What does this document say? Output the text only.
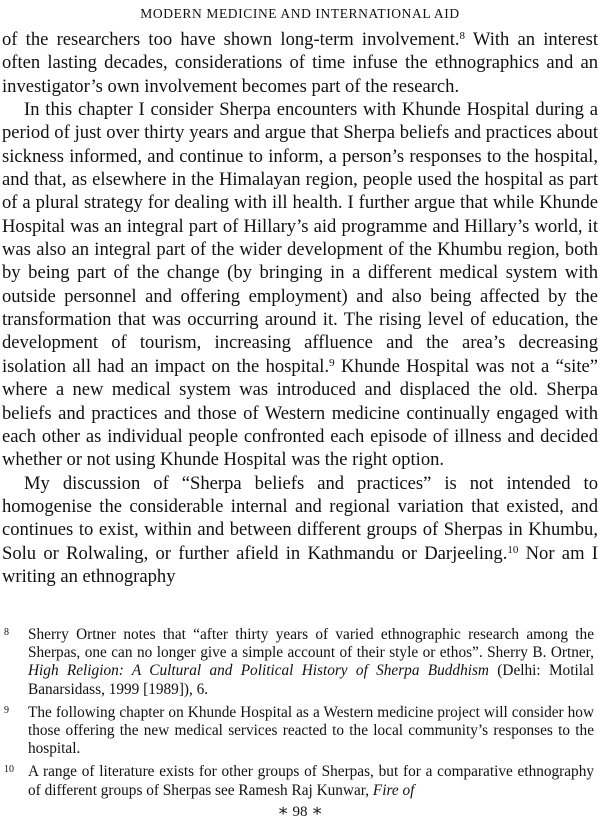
MODERN MEDICINE AND INTERNATIONAL AID

of the researchers too have shown long-term involvement.$^8$ With an interest often lasting decades, considerations of time infuse the ethnographics and an investigator’s own involvement becomes part of the research.

In this chapter I consider Sherpa encounters with Khunde Hospital during a period of just over thirty years and argue that Sherpa beliefs and practices about sickness informed, and continue to inform, a person’s responses to the hospital, and that, as elsewhere in the Himalayan region, people used the hospital as part of a plural strategy for dealing with ill health. I further argue that while Khunde Hospital was an integral part of Hillary’s aid programme and Hillary’s world, it was also an integral part of the wider development of the Khumbu region, both by being part of the change (by bringing in a different medical system with outside personnel and offering employment) and also being affected by the transformation that was occurring around it. The rising level of education, the development of tourism, increasing affluence and the area’s decreasing isolation all had an impact on the hospital.$^9$ Khunde Hospital was not a “site” where a new medical system was introduced and displaced the old. Sherpa beliefs and practices and those of Western medicine continually engaged with each other as individual people confronted each episode of illness and decided whether or not using Khunde Hospital was the right option.

My discussion of “Sherpa beliefs and practices” is not intended to homogenise the considerable internal and regional variation that existed, and continues to exist, within and between different groups of Sherpas in Khumbu, Solu or Rolwaling, or further afield in Kathmandu or Darjeeling.$^{10}$ Nor am I writing an ethnography

8 Sherry Ortner notes that “after thirty years of varied ethnographic research among the Sherpas, one can no longer give a simple account of their style or ethos”. Sherry B. Ortner, High Religion: A Cultural and Political History of Sherpa Buddhism (Delhi: Motilal Banarsidass, 1999 [1989]), 6.
9 The following chapter on Khunde Hospital as a Western medicine project will consider how those offering the new medical services reacted to the local community’s responses to the hospital.
10 A range of literature exists for other groups of Sherpas, but for a comparative ethnography of different groups of Sherpas see Ramesh Raj Kunwar, Fire of
∗ 98 ∗
